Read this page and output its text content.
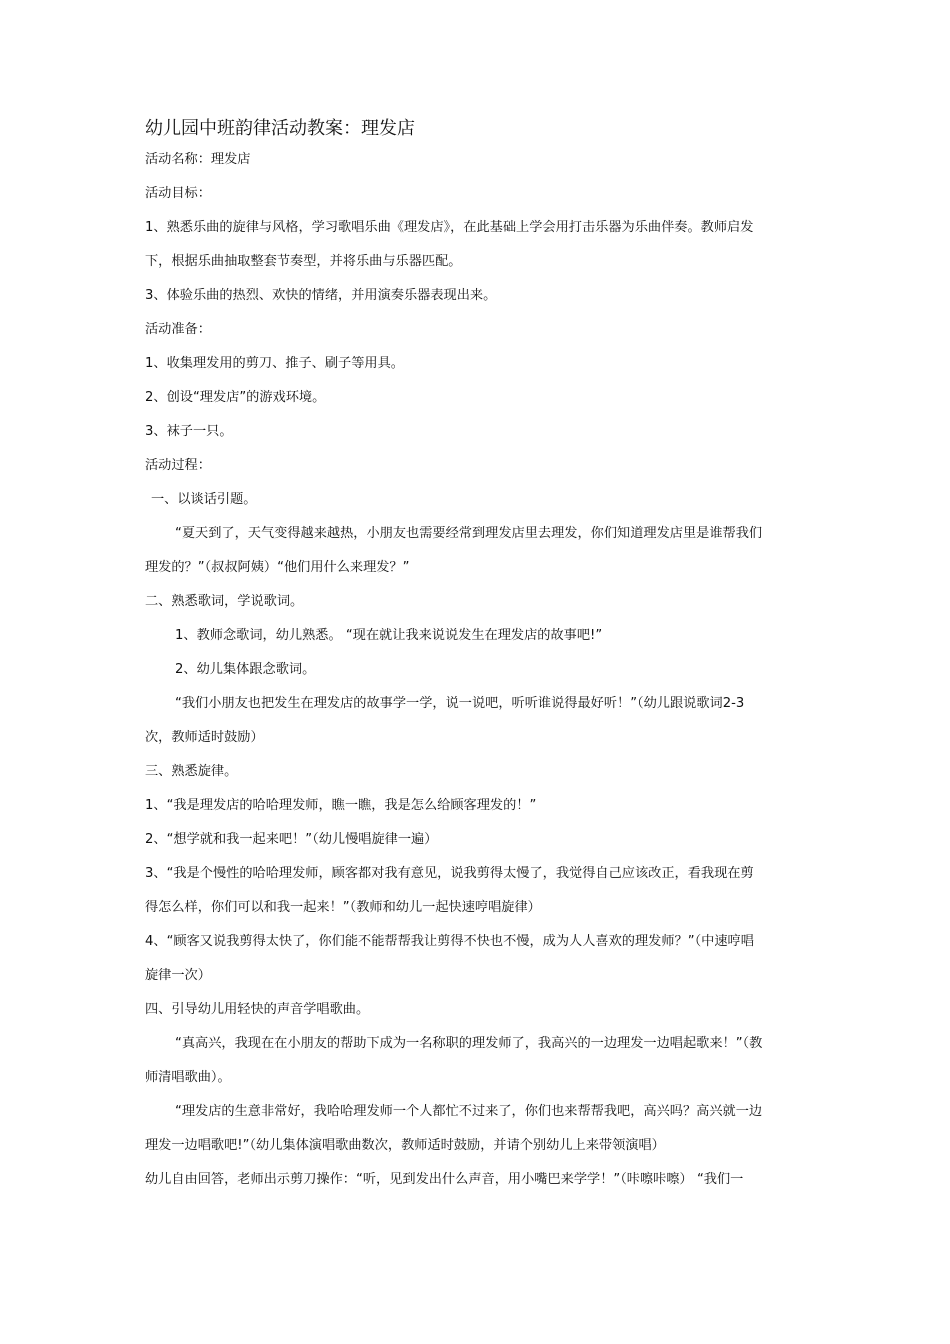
幼儿园中班韵律活动教案：理发店
活动名称：理发店
活动目标：
1、熟悉乐曲的旋律与风格，学习歌唱乐曲《理发店》，在此基础上学会用打击乐器为乐曲伴奏。教师启发
下，根据乐曲抽取整套节奏型，并将乐曲与乐器匹配。
3、体验乐曲的热烈、欢快的情绪，并用演奏乐器表现出来。
活动准备：
1、收集理发用的剪刀、推子、刷子等用具。
2、创设“理发店”的游戏环境。
3、袜子一只。
活动过程：
一、以谈话引题。
“夏天到了，天气变得越来越热，小朋友也需要经常到理发店里去理发，你们知道理发店里是谁帮我们
理发的？”（叔叔阿姨）“他们用什么来理发？”
二、熟悉歌词，学说歌词。
1、教师念歌词，幼儿熟悉。 “现在就让我来说说发生在理发店的故事吧!”
2、幼儿集体跟念歌词。
“我们小朋友也把发生在理发店的故事学一学，说一说吧，听听谁说得最好听！”（幼儿跟说歌词2-3
次，教师适时鼓励）
三、熟悉旋律。
1、“我是理发店的哈哈理发师，瞧一瞧，我是怎么给顾客理发的！”
2、“想学就和我一起来吧！”（幼儿慢唱旋律一遍）
3、“我是个慢性的哈哈理发师，顾客都对我有意见，说我剪得太慢了，我觉得自己应该改正，看我现在剪
得怎么样，你们可以和我一起来！”（教师和幼儿一起快速哼唱旋律）
4、“顾客又说我剪得太快了，你们能不能帮帮我让剪得不快也不慢，成为人人喜欢的理发师？”（中速哼唱
旋律一次）
四、引导幼儿用轻快的声音学唱歌曲。
“真高兴，我现在在小朋友的帮助下成为一名称职的理发师了，我高兴的一边理发一边唱起歌来！”（教
师清唱歌曲）。
“理发店的生意非常好，我哈哈理发师一个人都忙不过来了，你们也来帮帮我吧，高兴吗？高兴就一边
理发一边唱歌吧!”（幼儿集体演唱歌曲数次，教师适时鼓励，并请个别幼儿上来带领演唱）
幼儿自由回答，老师出示剪刀操作：“听，见到发出什么声音，用小嘴巴来学学！”（咔嚓咔嚓） “我们一
